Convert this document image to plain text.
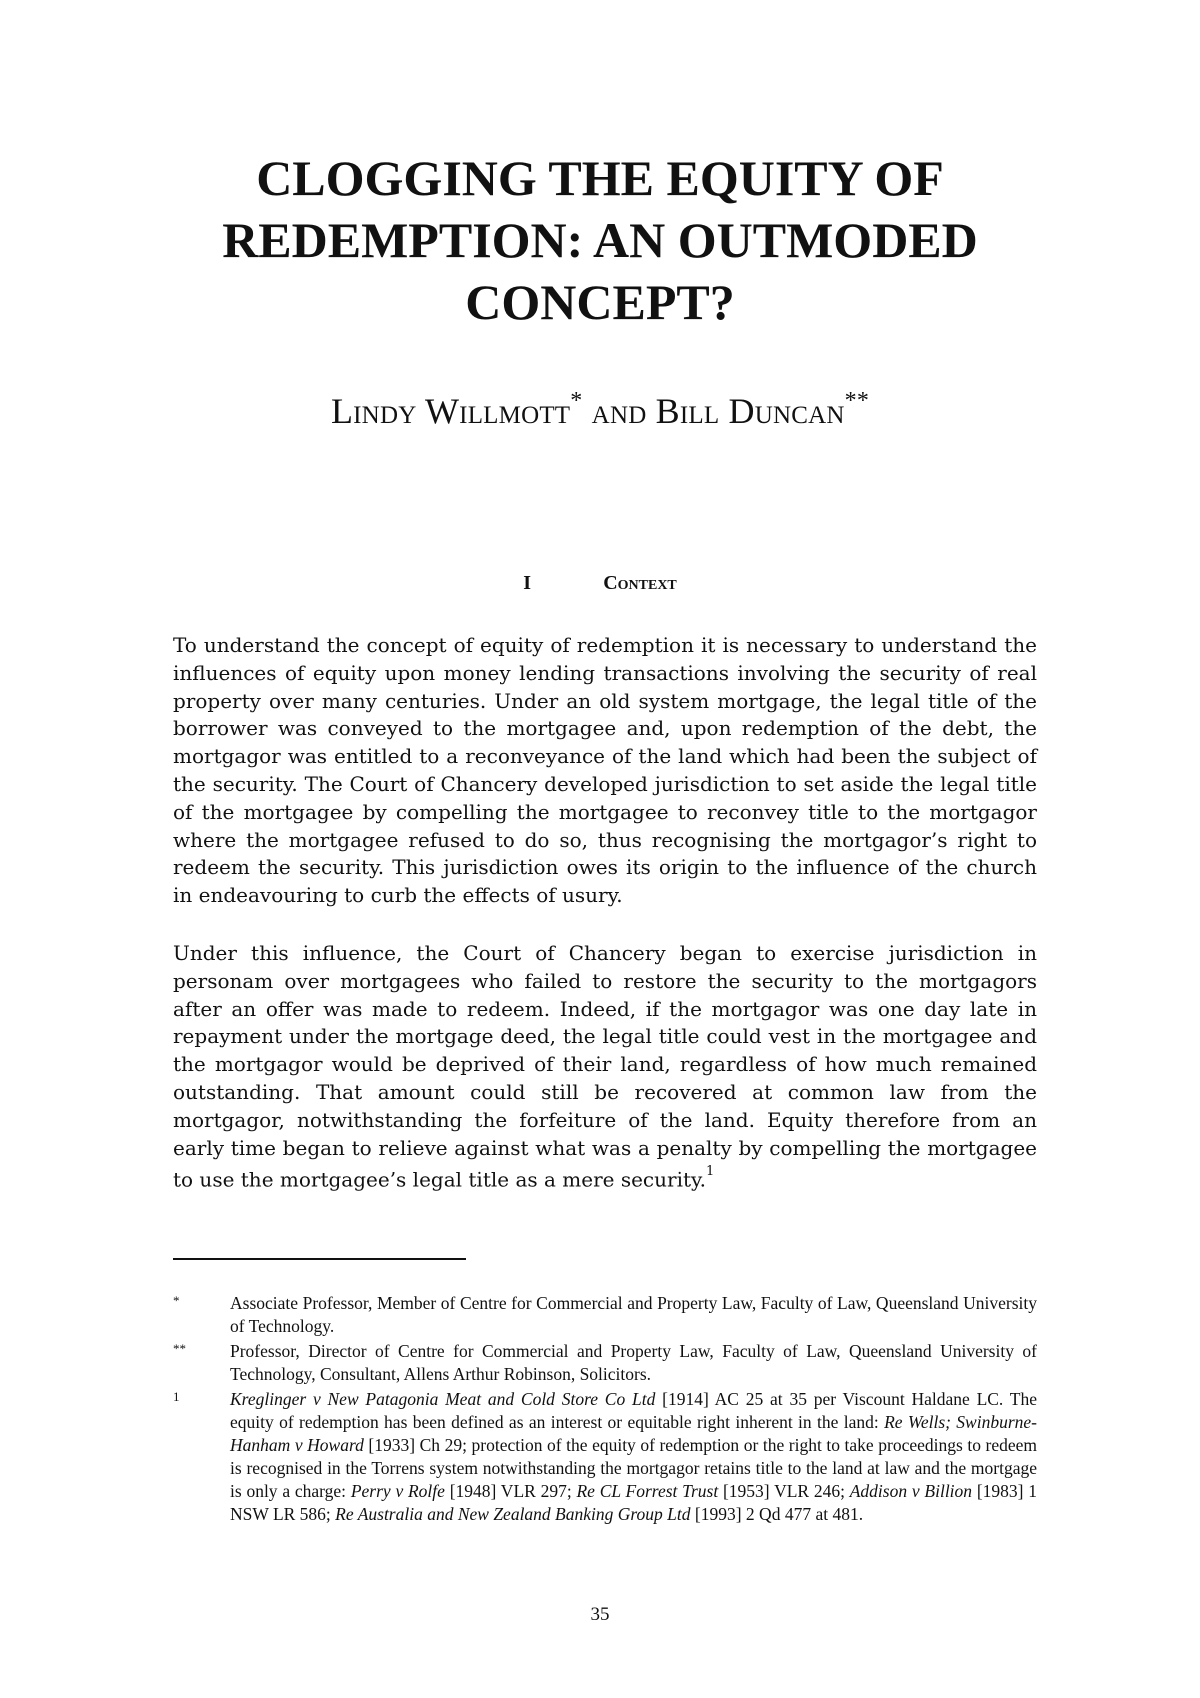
CLOGGING THE EQUITY OF REDEMPTION: AN OUTMODED CONCEPT?

Lindy Willmott* and Bill Duncan**

I	Context

To understand the concept of equity of redemption it is necessary to understand the influences of equity upon money lending transactions involving the security of real property over many centuries. Under an old system mortgage, the legal title of the borrower was conveyed to the mortgagee and, upon redemption of the debt, the mortgagor was entitled to a reconveyance of the land which had been the subject of the security. The Court of Chancery developed jurisdiction to set aside the legal title of the mortgagee by compelling the mortgagee to reconvey title to the mortgagor where the mortgagee refused to do so, thus recognising the mortgagor’s right to redeem the security. This jurisdiction owes its origin to the influence of the church in endeavouring to curb the effects of usury.

Under this influence, the Court of Chancery began to exercise jurisdiction in personam over mortgagees who failed to restore the security to the mortgagors after an offer was made to redeem. Indeed, if the mortgagor was one day late in repayment under the mortgage deed, the legal title could vest in the mortgagee and the mortgagor would be deprived of their land, regardless of how much remained outstanding. That amount could still be recovered at common law from the mortgagor, notwithstanding the forfeiture of the land. Equity therefore from an early time began to relieve against what was a penalty by compelling the mortgagee to use the mortgagee’s legal title as a mere security.$^1$

*	Associate Professor, Member of Centre for Commercial and Property Law, Faculty of Law, Queensland University of Technology.

**	Professor, Director of Centre for Commercial and Property Law, Faculty of Law, Queensland University of Technology, Consultant, Allens Arthur Robinson, Solicitors.

1	Kreglinger v New Patagonia Meat and Cold Store Co Ltd [1914] AC 25 at 35 per Viscount Haldane LC. The equity of redemption has been defined as an interest or equitable right inherent in the land: Re Wells; Swinburne-Hanham v Howard [1933] Ch 29; protection of the equity of redemption or the right to take proceedings to redeem is recognised in the Torrens system notwithstanding the mortgagor retains title to the land at law and the mortgage is only a charge: Perry v Rolfe [1948] VLR 297; Re CL Forrest Trust [1953] VLR 246; Addison v Billion [1983] 1 NSW LR 586; Re Australia and New Zealand Banking Group Ltd [1993] 2 Qd 477 at 481.

35
